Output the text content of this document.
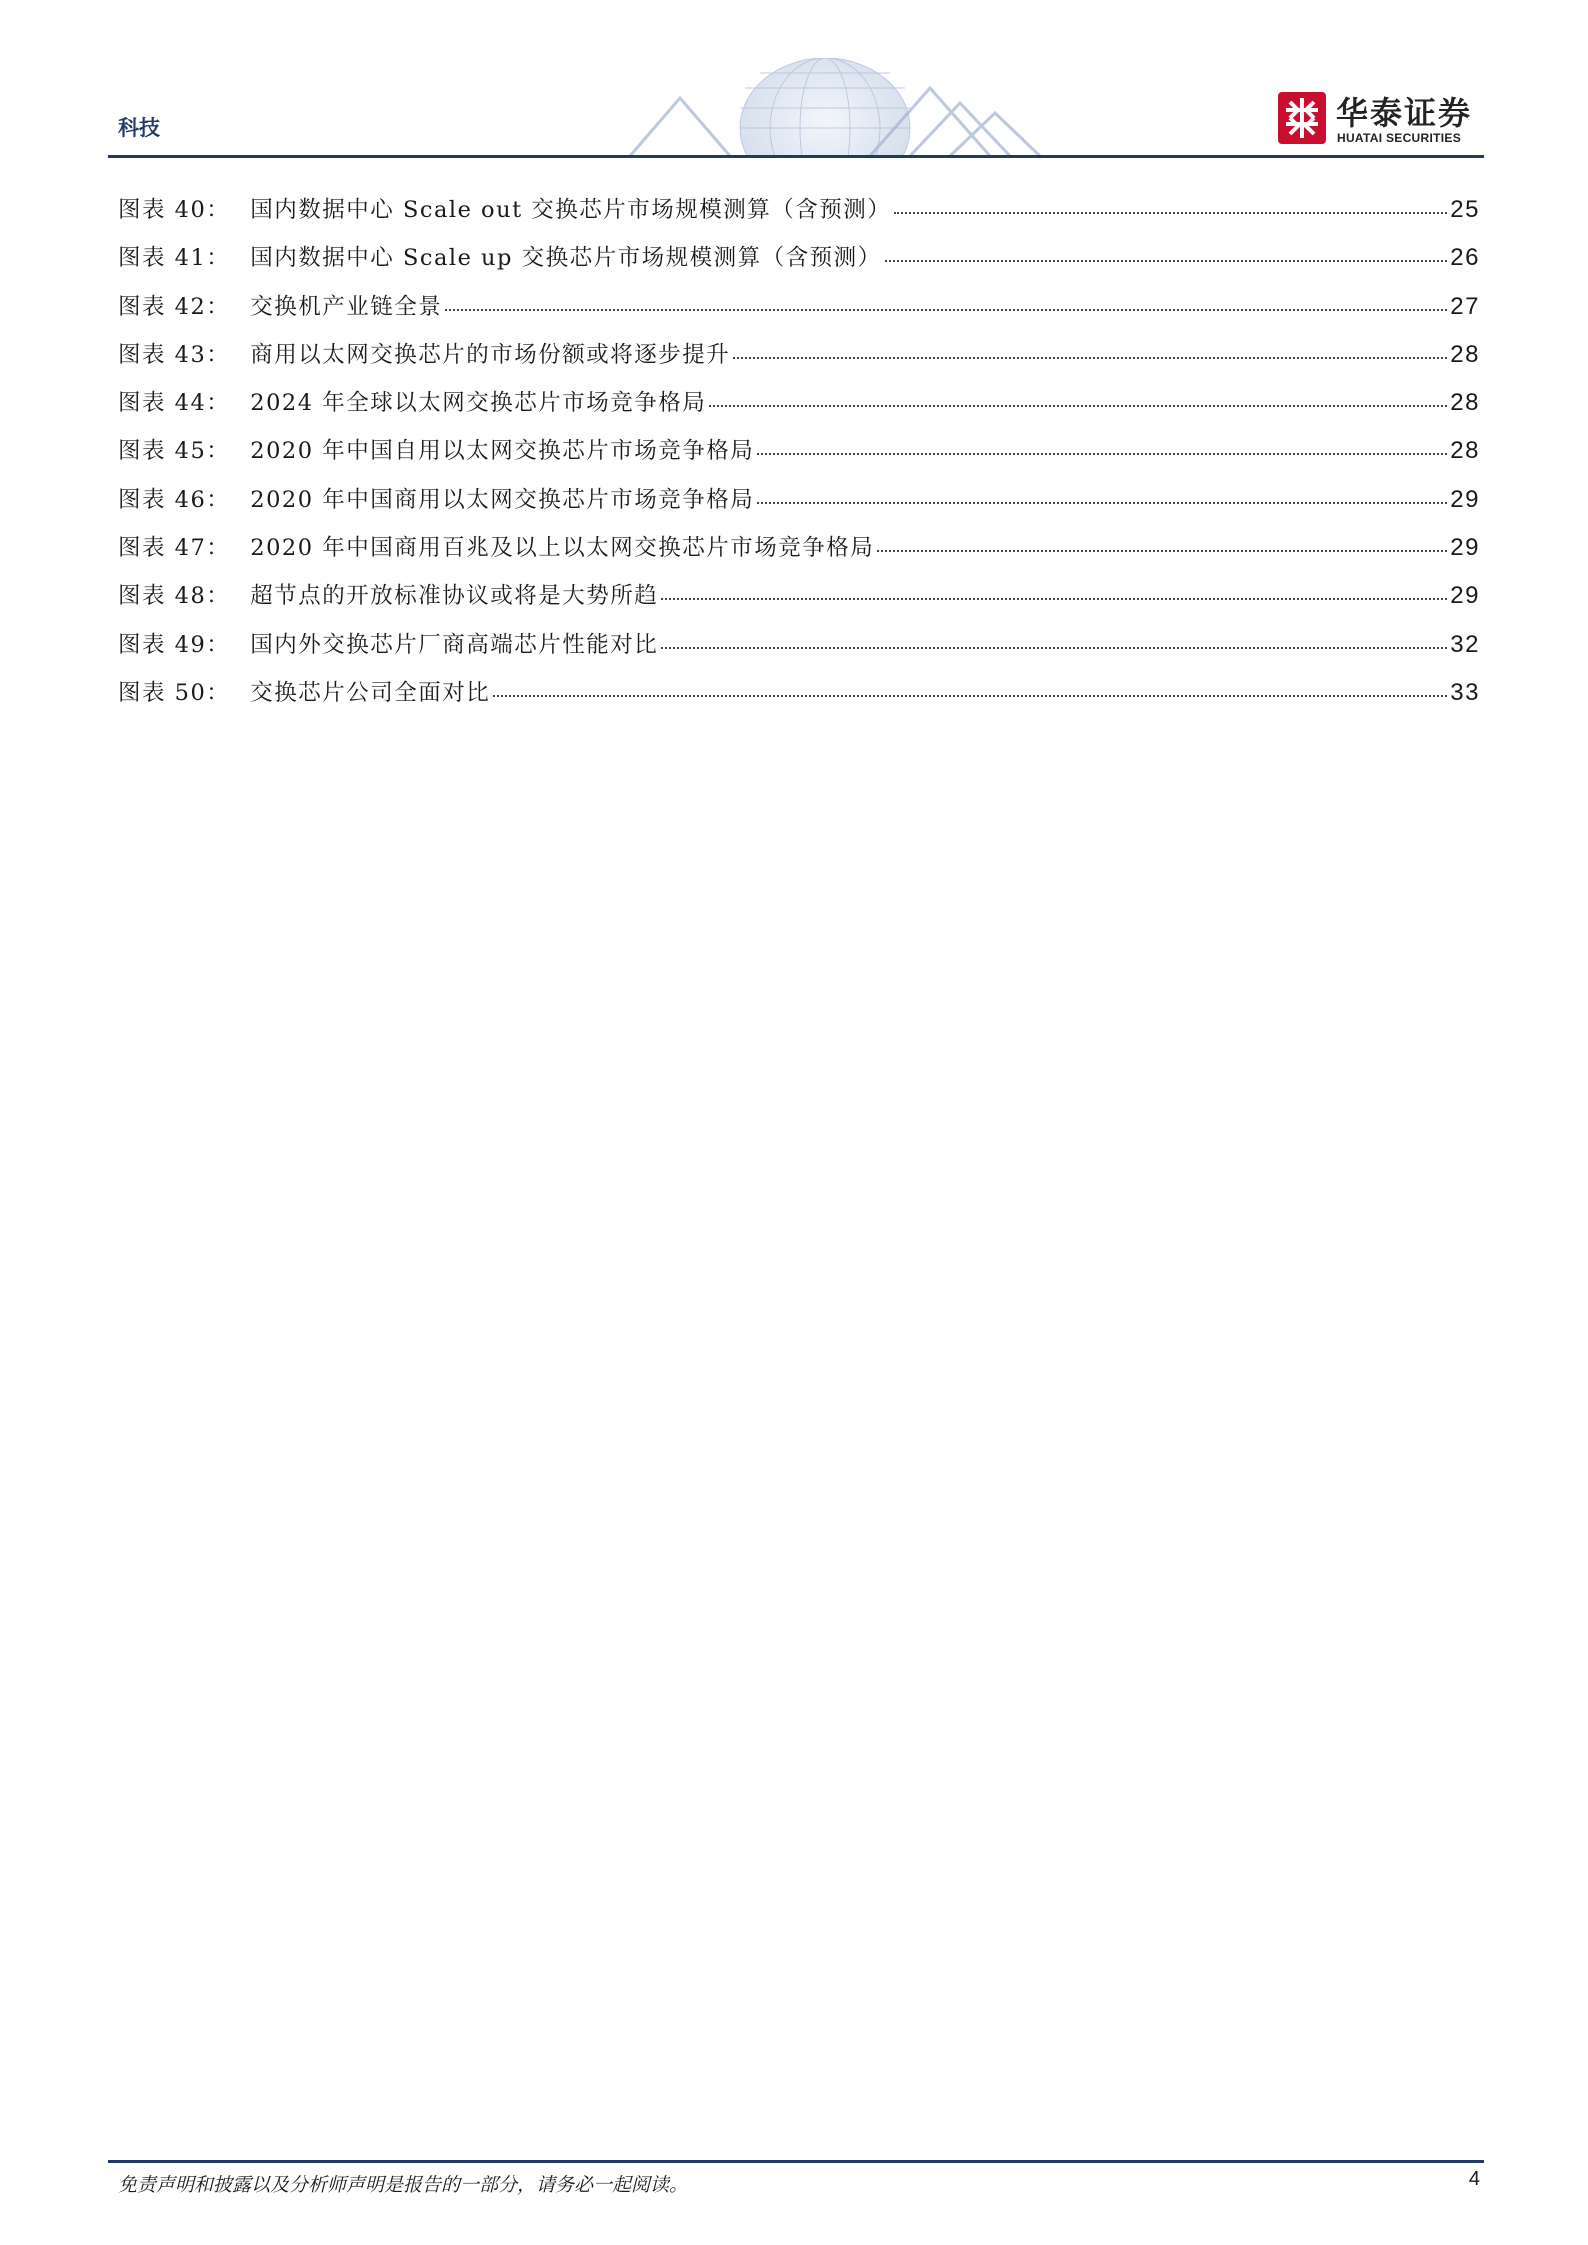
科技	华泰证券
HUATAI SECURITIES
图表 40： 国内数据中心 Scale out 交换芯片市场规模测算（含预测）	25
图表 41： 国内数据中心 Scale up 交换芯片市场规模测算（含预测）	26
图表 42： 交换机产业链全景	27
图表 43： 商用以太网交换芯片的市场份额或将逐步提升	28
图表 44： 2024 年全球以太网交换芯片市场竞争格局	28
图表 45： 2020 年中国自用以太网交换芯片市场竞争格局	28
图表 46： 2020 年中国商用以太网交换芯片市场竞争格局	29
图表 47： 2020 年中国商用百兆及以上以太网交换芯片市场竞争格局	29
图表 48： 超节点的开放标准协议或将是大势所趋	29
图表 49： 国内外交换芯片厂商高端芯片性能对比	32
图表 50： 交换芯片公司全面对比	33
免责声明和披露以及分析师声明是报告的一部分，请务必一起阅读。	4
